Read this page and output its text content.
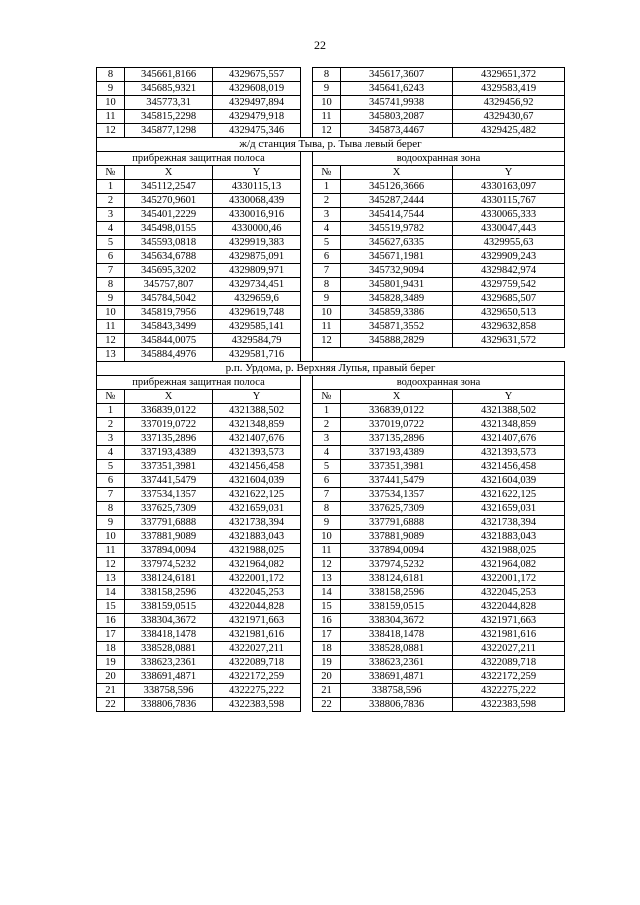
22
8	345661,8166	4329675,557		8	345617,3607	4329651,372
9	345685,9321	4329608,019		9	345641,6243	4329583,419
10	345773,31	4329497,894		10	345741,9938	4329456,92
11	345815,2298	4329479,918		11	345803,2087	4329430,67
12	345877,1298	4329475,346		12	345873,4467	4329425,482
ж/д станция Тыва, р. Тыва левый берег						
прибрежная защитная полоса				водоохранная зона		
№	X	Y		№	X	Y
1	345112,2547	4330115,13		1	345126,3666	4330163,097
2	345270,9601	4330068,439		2	345287,2444	4330115,767
3	345401,2229	4330016,916		3	345414,7544	4330065,333
4	345498,0155	4330000,46		4	345519,9782	4330047,443
5	345593,0818	4329919,383		5	345627,6335	4329955,63
6	345634,6788	4329875,091		6	345671,1981	4329909,243
7	345695,3202	4329809,971		7	345732,9094	4329842,974
8	345757,807	4329734,451		8	345801,9431	4329759,542
9	345784,5042	4329659,6		9	345828,3489	4329685,507
10	345819,7956	4329619,748		10	345859,3386	4329650,513
11	345843,3499	4329585,141		11	345871,3552	4329632,858
12	345844,0075	4329584,79		12	345888,2829	4329631,572
13	345884,4976	4329581,716				
р.п. Урдома, р. Верхняя Лупья, правый берег						
прибрежная защитная полоса				водоохранная зона		
№	X	Y		№	X	Y
1	336839,0122	4321388,502		1	336839,0122	4321388,502
2	337019,0722	4321348,859		2	337019,0722	4321348,859
3	337135,2896	4321407,676		3	337135,2896	4321407,676
4	337193,4389	4321393,573		4	337193,4389	4321393,573
5	337351,3981	4321456,458		5	337351,3981	4321456,458
6	337441,5479	4321604,039		6	337441,5479	4321604,039
7	337534,1357	4321622,125		7	337534,1357	4321622,125
8	337625,7309	4321659,031		8	337625,7309	4321659,031
9	337791,6888	4321738,394		9	337791,6888	4321738,394
10	337881,9089	4321883,043		10	337881,9089	4321883,043
11	337894,0094	4321988,025		11	337894,0094	4321988,025
12	337974,5232	4321964,082		12	337974,5232	4321964,082
13	338124,6181	4322001,172		13	338124,6181	4322001,172
14	338158,2596	4322045,253		14	338158,2596	4322045,253
15	338159,0515	4322044,828		15	338159,0515	4322044,828
16	338304,3672	4321971,663		16	338304,3672	4321971,663
17	338418,1478	4321981,616		17	338418,1478	4321981,616
18	338528,0881	4322027,211		18	338528,0881	4322027,211
19	338623,2361	4322089,718		19	338623,2361	4322089,718
20	338691,4871	4322172,259		20	338691,4871	4322172,259
21	338758,596	4322275,222		21	338758,596	4322275,222
22	338806,7836	4322383,598		22	338806,7836	4322383,598
